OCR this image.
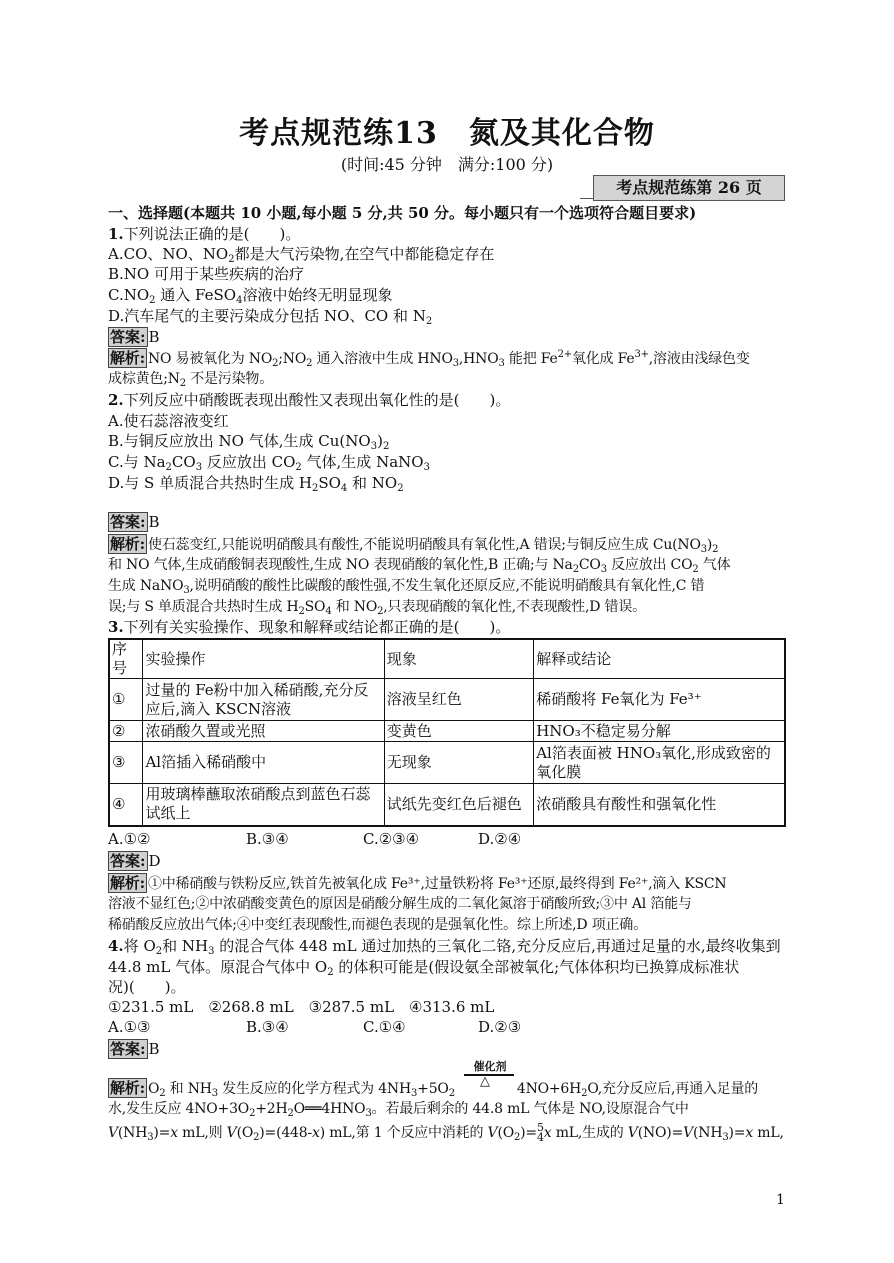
考点规范练13　氮及其化合物
(时间:45 分钟　满分:100 分)
考点规范练第 26 页
一、选择题(本题共 10 小题,每小题 5 分,共 50 分。每小题只有一个选项符合题目要求)
1.下列说法正确的是(　　)。
A.CO、NO、$NO_2$都是大气污染物,在空气中都能稳定存在
B.NO 可用于某些疾病的治疗
$C.NO_2$ 通入 FeSO$_4$溶液中始终无明显现象
D.汽车尾气的主要污染成分包括 NO、CO 和 $N_2$
答案: B
解析: NO 易被氧化为 $NO_2;NO_2$ 通入溶液中生成 $HNO_3,HNO_3$ 能把 $Fe^{2+}$氧化成 $Fe^{3+}$,溶液由浅绿色变
成棕黄色$;N_2$ 不是污染物。
2.下列反应中硝酸既表现出酸性又表现出氧化性的是(　　)。
A.使石蕊溶液变红
B.与铜反应放出 NO 气体,生成 $Cu(NO_3)_2$
C.与 $Na_2CO_3$ 反应放出 $CO_2$ 气体,生成 NaNO$_3$
D.与 S 单质混合共热时生成 $H_2SO_4$ 和 $NO_2$
答案: B
解析: 使石蕊变红,只能说明硝酸具有酸性,不能说明硝酸具有氧化性,A 错误;与铜反应生成 $Cu(NO_3)_2$
和 NO 气体,生成硝酸铜表现酸性,生成 NO 表现硝酸的氧化性,B 正确;与 $Na_2CO_3$ 反应放出 $CO_2$ 气体
生成 NaNO$_3$,说明硝酸的酸性比碳酸的酸性强,不发生氧化还原反应,不能说明硝酸具有氧化性,C 错
误;与 S 单质混合共热时生成 $H_2SO_4$ 和 $NO_2$,只表现硝酸的氧化性,不表现酸性,D 错误。
3.下列有关实验操作、现象和解释或结论都正确的是(　　)。
序号	实验操作	现象	解释或结论
①	过量的 Fe粉中加入稀硝酸,充分反应后,滴入 KSCN溶液	溶液呈红色	稀硝酸将 Fe氧化为 Fe³⁺
②	浓硝酸久置或光照	变黄色	HNO₃不稳定易分解
③	Al箔插入稀硝酸中	无现象	Al箔表面被 HNO₃氧化,形成致密的氧化膜
④	用玻璃棒蘸取浓硝酸点到蓝色石蕊试纸上	试纸先变红色后褪色	浓硝酸具有酸性和强氧化性
A.①②	B.③④	C.②③④	D.②④
答案: D
解析: ①中稀硝酸与铁粉反应,铁首先被氧化成 Fe³⁺,过量铁粉将 Fe³⁺还原,最终得到 Fe²⁺,滴入 KSCN
溶液不显红色;②中浓硝酸变黄色的原因是硝酸分解生成的二氧化氮溶于硝酸所致;③中 Al 箔能与
稀硝酸反应放出气体;④中变红表现酸性,而褪色表现的是强氧化性。综上所述,D 项正确。
4.将 $O_2$和 $NH_3$ 的混合气体 448 mL 通过加热的三氧化二铬,充分反应后,再通过足量的水,最终收集到
44.8 mL 气体。原混合气体中 $O_2$ 的体积可能是(假设氨全部被氧化;气体体积均已换算成标准状
况)(　　)。
①231.5 mL　②268.8 mL　③287.5 mL　④313.6 mL
A.①③	B.③④	C.①④	D.②③
答案: B
催化剂
△
解析: $O_2$ 和 $NH_3$ 发生反应的化学方程式为 $4NH_3+5O_2$	$4NO+6H_2O$,充分反应后,再通入足量的
水,发生反应 $4NO+3O_2+2H_2O══4HNO_3$。若最后剩余的 44.8 mL 气体是 NO,设原混合气中
$V(NH_3)=x$ mL,则 $V(O_2)=(448-x)$ mL,第 1 个反应中消耗的 $V(O_2)=5$
4x mL,生成的 $V(NO)=V(NH_3)=x$ mL,
1
